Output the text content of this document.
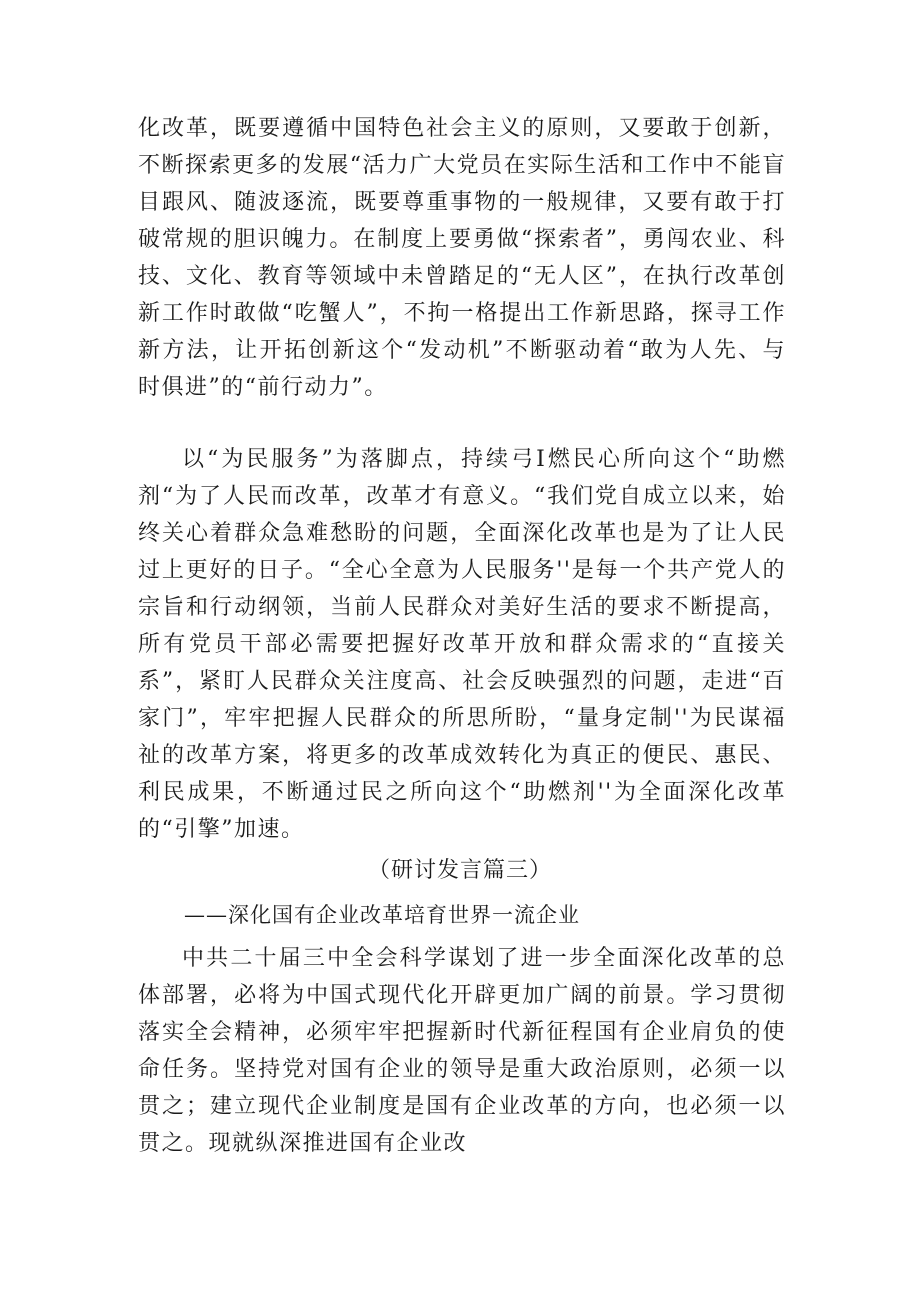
化改革，既要遵循中国特色社会主义的原则，又要敢于创新，不断探索更多的发展“活力广大党员在实际生活和工作中不能盲目跟风、随波逐流，既要尊重事物的一般规律，又要有敢于打破常规的胆识魄力。在制度上要勇做“探索者”，勇闯农业、科技、文化、教育等领域中未曾踏足的“无人区”，在执行改革创新工作时敢做“吃蟹人”，不拘一格提出工作新思路，探寻工作新方法，让开拓创新这个“发动机”不断驱动着“敢为人先、与时俱进”的“前行动力”。

以“为民服务”为落脚点，持续弓I燃民心所向这个“助燃剂“为了人民而改革，改革才有意义。“我们党自成立以来，始终关心着群众急难愁盼的问题，全面深化改革也是为了让人民过上更好的日子。“全心全意为人民服务''是每一个共产党人的宗旨和行动纲领，当前人民群众对美好生活的要求不断提高，所有党员干部必需要把握好改革开放和群众需求的“直接关系”，紧盯人民群众关注度高、社会反映强烈的问题，走进“百家门”，牢牢把握人民群众的所思所盼，“量身定制''为民谋福祉的改革方案，将更多的改革成效转化为真正的便民、惠民、利民成果，不断通过民之所向这个“助燃剂''为全面深化改革的“引擎”加速。

（研讨发言篇三）
——深化国有企业改革培育世界一流企业

中共二十届三中全会科学谋划了进一步全面深化改革的总体部署，必将为中国式现代化开辟更加广阔的前景。学习贯彻落实全会精神，必须牢牢把握新时代新征程国有企业肩负的使命任务。坚持党对国有企业的领导是重大政治原则，必须一以贯之；建立现代企业制度是国有企业改革的方向，也必须一以贯之。现就纵深推进国有企业改
